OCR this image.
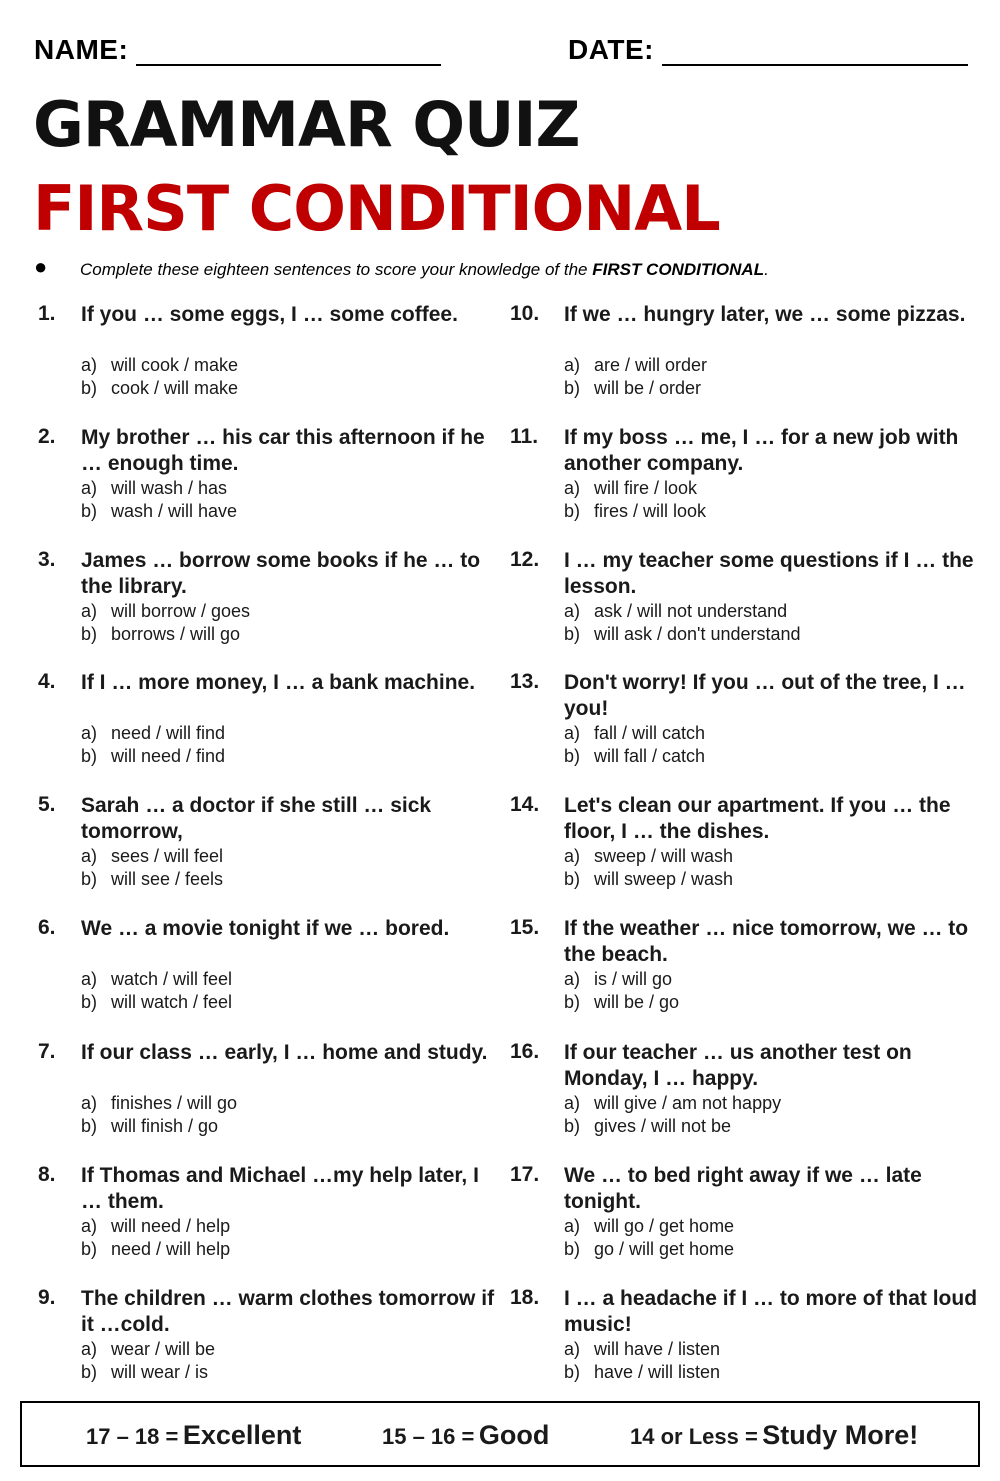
NAME:	DATE:
GRAMMAR QUIZ
FIRST CONDITIONAL
● Complete these eighteen sentences to score your knowledge of the FIRST CONDITIONAL.
1. If you … some eggs, I … some coffee.
a) will cook / make
b) cook / will make
2. My brother … his car this afternoon if he … enough time.
a) will wash / has
b) wash / will have
3. James … borrow some books if he … to the library.
a) will borrow / goes
b) borrows / will go
4. If I … more money, I … a bank machine.
a) need / will find
b) will need / find
5. Sarah … a doctor if she still … sick tomorrow,
a) sees / will feel
b) will see / feels
6. We … a movie tonight if we … bored.
a) watch / will feel
b) will watch / feel
7. If our class … early, I … home and study.
a) finishes / will go
b) will finish / go
8. If Thomas and Michael …my help later, I … them.
a) will need / help
b) need / will help
9. The children … warm clothes tomorrow if it …cold.
a) wear / will be
b) will wear / is
10. If we … hungry later, we … some pizzas.
a) are / will order
b) will be / order
11. If my boss … me, I … for a new job with another company.
a) will fire / look
b) fires / will look
12. I … my teacher some questions if I … the lesson.
a) ask / will not understand
b) will ask / don't understand
13. Don't worry! If you … out of the tree, I … you!
a) fall / will catch
b) will fall / catch
14. Let's clean our apartment. If you … the floor, I … the dishes.
a) sweep / will wash
b) will sweep / wash
15. If the weather … nice tomorrow, we … to the beach.
a) is / will go
b) will be / go
16. If our teacher … us another test on Monday, I … happy.
a) will give / am not happy
b) gives / will not be
17. We … to bed right away if we … late tonight.
a) will go / get home
b) go / will get home
18. I … a headache if I … to more of that loud music!
a) will have / listen
b) have / will listen
17 – 18 = Excellent	15 – 16 = Good	14 or Less = Study More!
